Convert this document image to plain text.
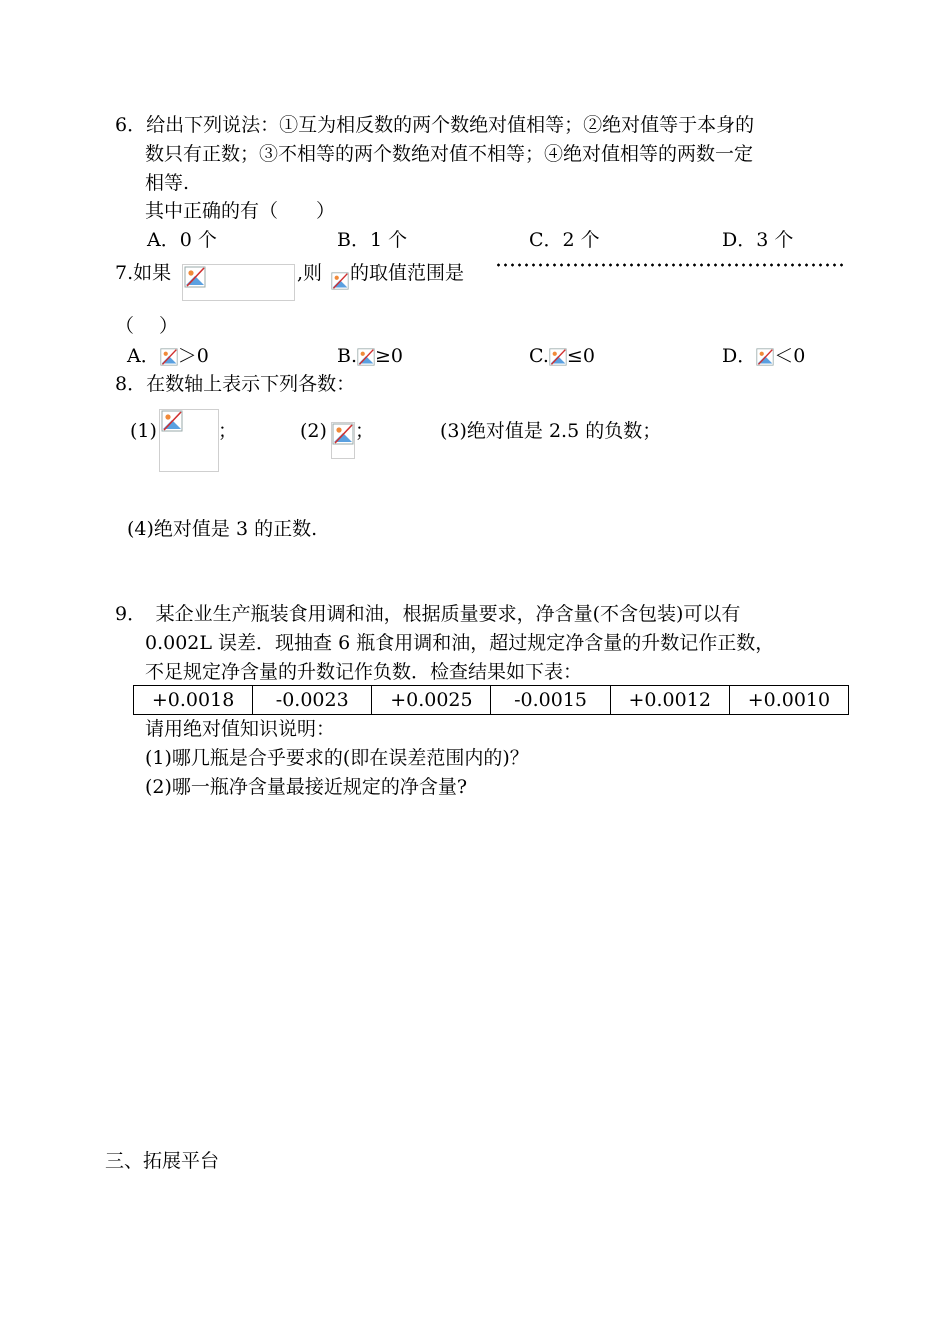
6．给出下列说法：①互为相反数的两个数绝对值相等；②绝对值等于本身的
数只有正数；③不相等的两个数绝对值不相等；④绝对值相等的两数一定
相等.
其中正确的有（　　）
A．0 个	B．1 个	C．2 个	D．3 个
7.如果	,则 的取值范围是
（　 ）
A． ＞0	B. ≥0	C. ≤0	D． ＜0
8．在数轴上表示下列各数：
(1)	；	(2) ；	(3)绝对值是 2.5 的负数；
(4)绝对值是 3 的正数.
9．　某企业生产瓶装食用调和油，根据质量要求，净含量(不含包装)可以有
0.002L 误差．现抽查 6 瓶食用调和油，超过规定净含量的升数记作正数，
不足规定净含量的升数记作负数．检查结果如下表：
+0.0018	-0.0023	+0.0025	-0.0015	+0.0012	+0.0010
请用绝对值知识说明：
(1)哪几瓶是合乎要求的(即在误差范围内的)？
(2)哪一瓶净含量最接近规定的净含量?
三、拓展平台
